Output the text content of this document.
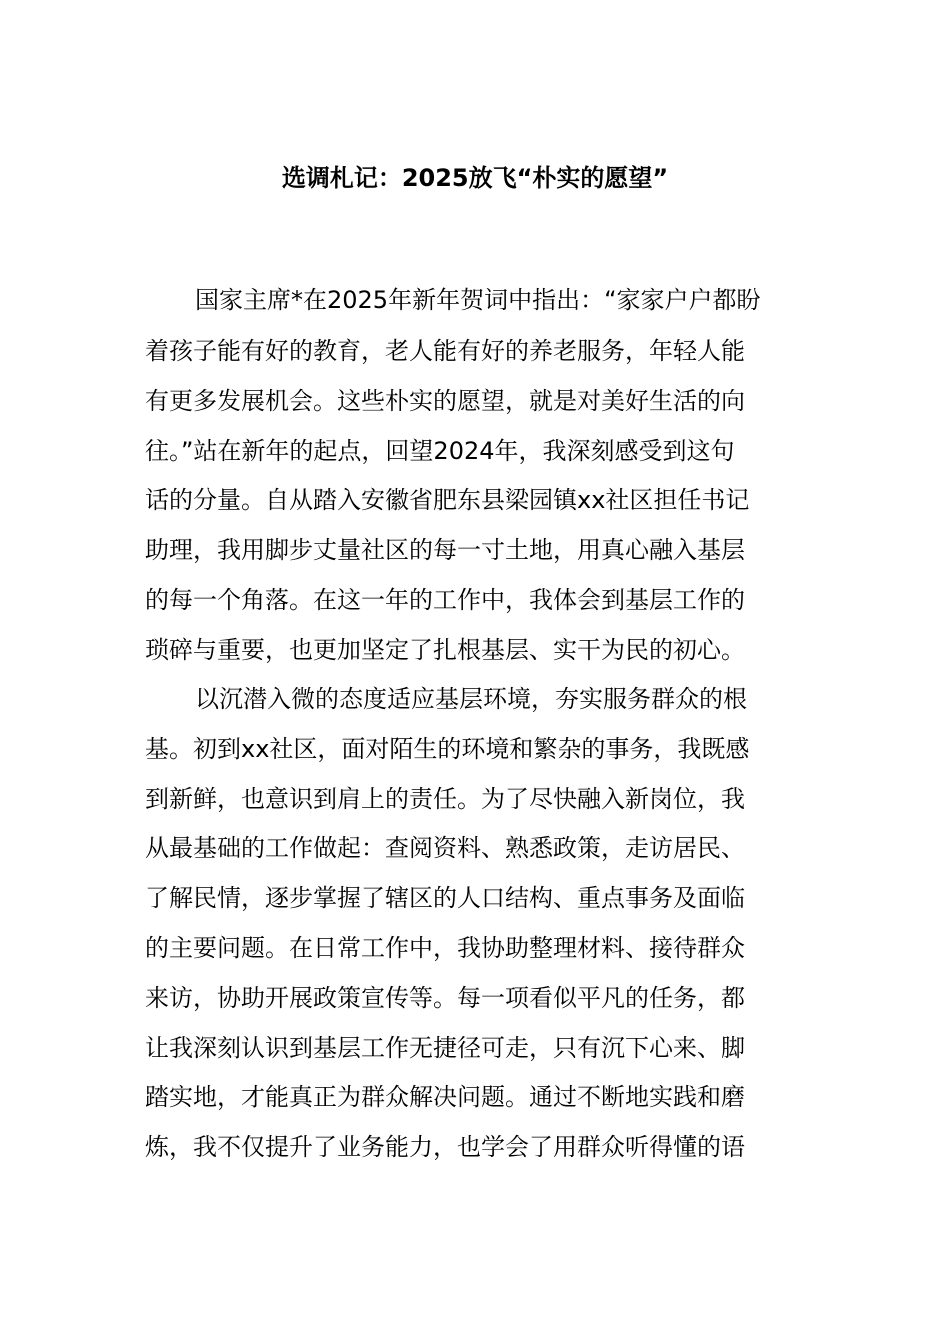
选调札记：2025放飞“朴实的愿望”
国家主席*在2025年新年贺词中指出：“家家户户都盼
着孩子能有好的教育，老人能有好的养老服务，年轻人能
有更多发展机会。这些朴实的愿望，就是对美好生活的向
往。”站在新年的起点，回望2024年，我深刻感受到这句
话的分量。自从踏入安徽省肥东县梁园镇xx社区担任书记
助理，我用脚步丈量社区的每一寸土地，用真心融入基层
的每一个角落。在这一年的工作中，我体会到基层工作的
琐碎与重要，也更加坚定了扎根基层、实干为民的初心。
以沉潜入微的态度适应基层环境，夯实服务群众的根
基。初到xx社区，面对陌生的环境和繁杂的事务，我既感
到新鲜，也意识到肩上的责任。为了尽快融入新岗位，我
从最基础的工作做起：查阅资料、熟悉政策，走访居民、
了解民情，逐步掌握了辖区的人口结构、重点事务及面临
的主要问题。在日常工作中，我协助整理材料、接待群众
来访，协助开展政策宣传等。每一项看似平凡的任务，都
让我深刻认识到基层工作无捷径可走，只有沉下心来、脚
踏实地，才能真正为群众解决问题。通过不断地实践和磨
炼，我不仅提升了业务能力，也学会了用群众听得懂的语
